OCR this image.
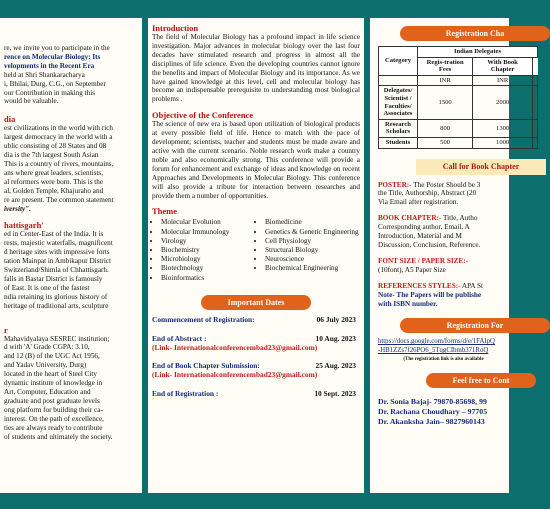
re, we invite you to participate in the

rence on Molecular Biology: Its

velopments in the Recent Era

held at Shri Shankaracharya

i, Bhilai, Durg, C.G., on September

our Contribution in making this

would be valuable.

dia

est civilizations in the world with rich

largest democracy in the world with a

ublic consisting of 28 States and 08

dia is the 7th largest South Asian

This is a country of rivers, mountains,

ans where great leaders, scientists,

al reformers were born. This is the

al, Golden Temple, Khajuraho and

re are present. The common statement

iversity".

hattisgarh'

ed in Center-East of the India. It is

rests, majestic waterfalls, magnificent

d heritage sites with impressive forts

tation Mainpat in Ambikapur District

Switzerland/Shimla of Chhattisgarh.

falls in Bastar District is famously

of East. It is one of the fastest

ndia retaining its glorious history of

heritage of traditional arts, sculpture

r

Mahavidyalaya SESREC institution;

d with 'A' Grade CGPA: 3.10,

and 12 (B) of the UGC Act 1956,

and Yadav University, Durg)

located in the heart of Steel City

dynamic institute of knowledge in

Art, Computer, Education and

graduate and post graduate levels

ong platform for building their ca-

interest. On the path of excellence,

ties are always ready to contribute

of students and ultimately the society.

Introduction

The field of Molecular Biology has a profound impact in life science investigation. Major advances in molecular biology over the last four decades have stimulated research and progress in almost all the disciplines of life science. Even the developing countries cannot ignore the benefits and impact of Molecular Biology and its importance. As we have gained knowledge at this level, cell and molecular biology has become an indispensable prerequisite to understanding most biological problems .

Objective of the Conference

The science of new era is based upon utilization of biological products at every possible field of life. Hence to match with the pace of development; scientists, teacher and students must be made aware and active with the current scenario. Noble research work make a country noble and also economically strong. This conference will provide a forum for enhancement and exchange of ideas and knowledge on recent Approaches and Developments in Molecular Biology. This conference will also provide a tribute for interaction between researches and provide them a number of opportunities.

Theme
• Molecular Evolution
• Molecular Immunology
• Virology
• Biochemistry
• Microbiology
• Biotechnology
• Bioinformatics
• Biomedicine
• Genetics & Genetic Engineering
• Cell Physiology
• Structural Biology
• Neuroscience
• Biochemical Engineering
Important Dates
Commencement of Registration:	06 July 2023
End of Abstract :	10 Aug. 2023
(Link- Internationalconferencembad23@gmail.com)
End of Book Chapter Submission:	25 Aug. 2023
(Link- Internationalconferencembad23@gmail.com)
End of Registration :	10 Sept. 2023
Registration Cha
Category	Indian Delegates		
	Regis-tration Fees	With Book Chapter	
	INR	INR	
Delegates/ Scientist / Faculties/ Associates	1500	2000	
Research Scholars	800	1300	
Students	500	1000	
Call for Book Chapter

POSTER:- The Poster Should be 3

the Title, Authorship, Abstract (20

Via Email after registration.

BOOK CHAPTER:- Title, Autho

Corresponding author, Email, A

Introduction, Material and M

Discussion, Conclusion, Reference.

FONT SIZE / PAPER SIZE:-

(10font), A5 Paper Size

REFERENCES STYLES:- APA St

Note- The Papers will be publishe

with ISBN number.

Registration For

https://docs.google.com/forms/d/e/1FAIpQ

-HB1ZZs7f26PO6_5TqgCIbmb371RoQ

(The registration link is also available

Feel free to Cont

Dr. Sonia Bajaj- 79870-85698, 99

Dr. Rachana Choudhary – 97705

Dr. Akanksha Jain– 9827960143
